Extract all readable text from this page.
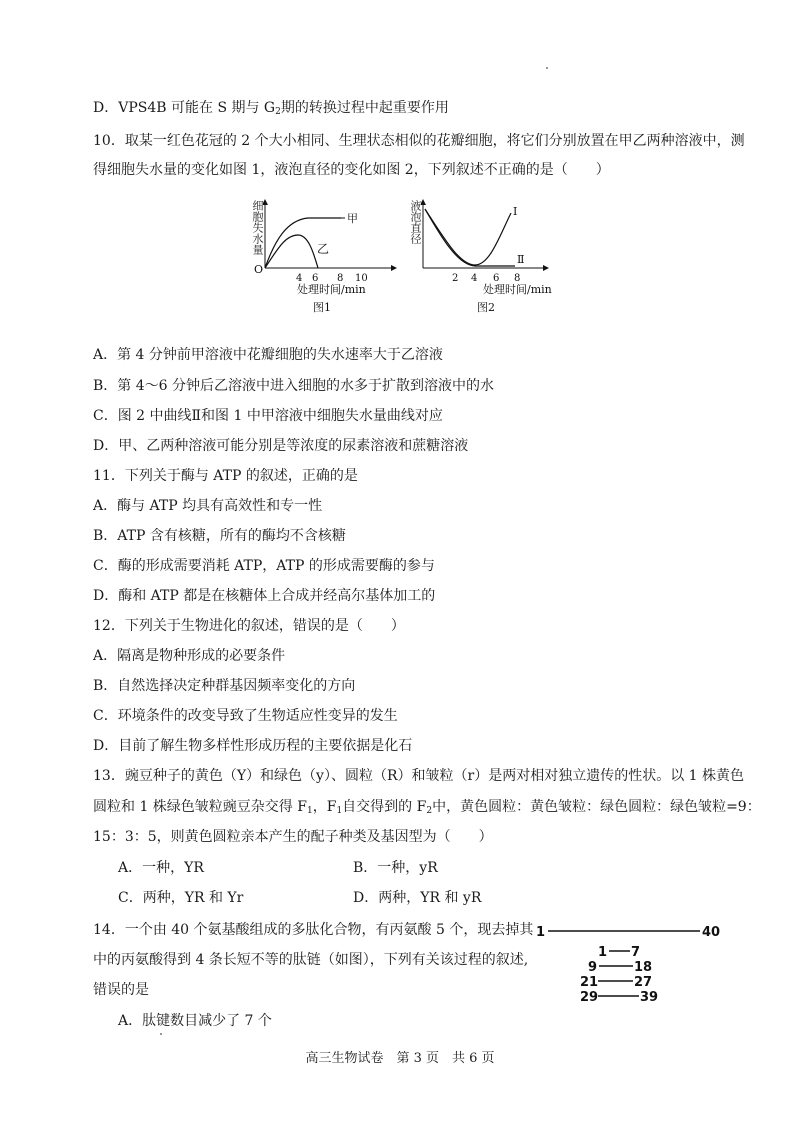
D．VPS4B 可能在 S 期与 $G_2$期的转换过程中起重要作用
10．取某一红色花冠的 2 个大小相同、生理状态相似的花瓣细胞，将它们分别放置在甲乙两种溶液中，测
得细胞失水量的变化如图 1，液泡直径的变化如图 2，下列叙述不正确的是（　　）
O
4 6 8 10
甲
乙
处理时间/min
图1
细胞失水量
2 4 6 8
I
Ⅱ
处理时间/min
图2
液泡直径
A．第 4 分钟前甲溶液中花瓣细胞的失水速率大于乙溶液
B．第 4～6 分钟后乙溶液中进入细胞的水多于扩散到溶液中的水
C．图 2 中曲线Ⅱ和图 1 中甲溶液中细胞失水量曲线对应
D．甲、乙两种溶液可能分别是等浓度的尿素溶液和蔗糖溶液
11．下列关于酶与 ATP 的叙述，正确的是
A．酶与 ATP 均具有高效性和专一性
B．ATP 含有核糖，所有的酶均不含核糖
C．酶的形成需要消耗 ATP，ATP 的形成需要酶的参与
D．酶和 ATP 都是在核糖体上合成并经高尔基体加工的
12．下列关于生物进化的叙述，错误的是（　　）
A．隔离是物种形成的必要条件
B．自然选择决定种群基因频率变化的方向
C．环境条件的改变导致了生物适应性变异的发生
D．目前了解生物多样性形成历程的主要依据是化石
13．豌豆种子的黄色（Y）和绿色（y）、圆粒（R）和皱粒（r）是两对相对独立遗传的性状。以 1 株黄色
圆粒和 1 株绿色皱粒豌豆杂交得 $F_1$，$F_1$自交得到的 $F_2$中，黄色圆粒：黄色皱粒：绿色圆粒：绿色皱粒=9：
15：3：5，则黄色圆粒亲本产生的配子种类及基因型为（　　）
A．一种，YR	B．一种，yR
C．两种，YR 和 Yr	D．两种，YR 和 yR
14．一个由 40 个氨基酸组成的多肽化合物，有丙氨酸 5 个，现去掉其
中的丙氨酸得到 4 条长短不等的肽链（如图），下列有关该过程的叙述,
错误的是
A．肽键数目减少了 7 个
1	40
1 7
9	18
21	27
29	39
高三生物试卷　第 3 页　共 6 页
